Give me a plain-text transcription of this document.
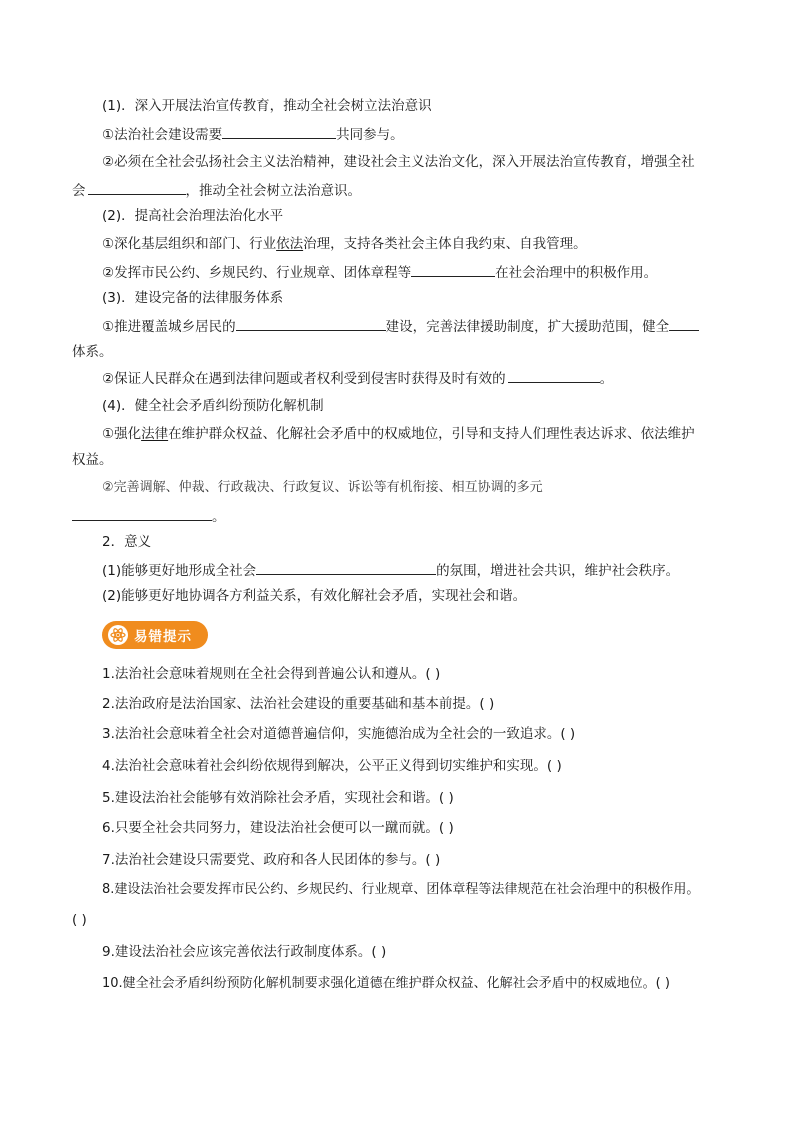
(1)．深入开展法治宣传教育，推动全社会树立法治意识
①法治社会建设需要	共同参与。
②必须在全社会弘扬社会主义法治精神，建设社会主义法治文化，深入开展法治宣传教育，增强全社
会	，推动全社会树立法治意识。
(2)．提高社会治理法治化水平
①深化基层组织和部门、行业依法治理，支持各类社会主体自我约束、自我管理。
②发挥市民公约、乡规民约、行业规章、团体章程等	在社会治理中的积极作用。
(3)．建设完备的法律服务体系
①推进覆盖城乡居民的	建设，完善法律援助制度，扩大援助范围，健全
体系。
②保证人民群众在遇到法律问题或者权利受到侵害时获得及时有效的	。
(4)．健全社会矛盾纠纷预防化解机制
①强化法律在维护群众权益、化解社会矛盾中的权威地位，引导和支持人们理性表达诉求、依法维护
权益。
②完善调解、仲裁、行政裁决、行政复议、诉讼等有机衔接、相互协调的多元
。
2．意义
(1)能够更好地形成全社会	的氛围，增进社会共识，维护社会秩序。
(2)能够更好地协调各方利益关系，有效化解社会矛盾，实现社会和谐。
易错提示
1.法治社会意味着规则在全社会得到普遍公认和遵从。( )
2.法治政府是法治国家、法治社会建设的重要基础和基本前提。( )
3.法治社会意味着全社会对道德普遍信仰，实施德治成为全社会的一致追求。( )
4.法治社会意味着社会纠纷依规得到解决，公平正义得到切实维护和实现。( )
5.建设法治社会能够有效消除社会矛盾，实现社会和谐。( )
6.只要全社会共同努力，建设法治社会便可以一蹴而就。( )
7.法治社会建设只需要党、政府和各人民团体的参与。( )
8.建设法治社会要发挥市民公约、乡规民约、行业规章、团体章程等法律规范在社会治理中的积极作用。
( )
9.建设法治社会应该完善依法行政制度体系。( )
10.健全社会矛盾纠纷预防化解机制要求强化道德在维护群众权益、化解社会矛盾中的权威地位。( )
